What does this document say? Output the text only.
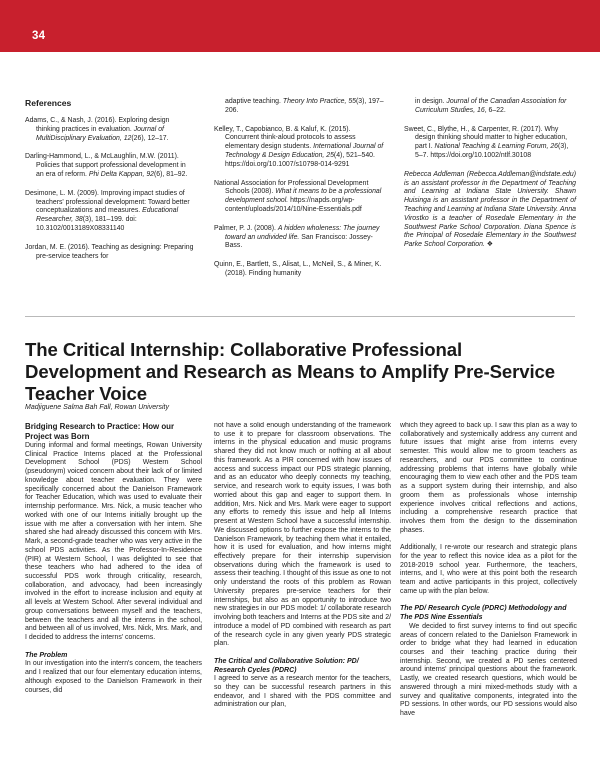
34
References
Adams, C., & Nash, J. (2016). Exploring design thinking practices in evaluation. Journal of MultiDisciplinary Evaluation, 12(26), 12–17.
Darling-Hammond, L., & McLaughlin, M.W. (2011). Policies that support professional development in an era of reform. Phi Delta Kappan, 92(6), 81–92.
Desimone, L. M. (2009). Improving impact studies of teachers' professional development: Toward better conceptualizations and measures. Educational Researcher, 38(3), 181–199. doi: 10.3102/0013189X08331140
Jordan, M. E. (2016). Teaching as designing: Preparing pre-service teachers for
adaptive teaching. Theory Into Practice, 55(3), 197–206.
Kelley, T., Capobianco, B. & Kaluf, K. (2015). Concurrent think-aloud protocols to assess elementary design students. International Journal of Technology & Design Education, 25(4), 521–540. https://doi.org/10.1007/s10798-014-9291
National Association for Professional Development Schools (2008). What it means to be a professional development school. https://napds.org/wp-content/uploads/2014/10/Nine-Essentials.pdf
Palmer, P. J. (2008). A hidden wholeness: The journey toward an undivided life. San Francisco: Jossey-Bass.
Quinn, E., Bartlett, S., Alisat, L., McNeil, S., & Miner, K. (2018). Finding humanity
in design. Journal of the Canadian Association for Curriculum Studies, 16, 6–22.
Sweet, C., Blythe, H., & Carpenter, R. (2017). Why design thinking should matter to higher education, part I. National Teaching & Learning Forum, 26(3), 5–7. https://doi.org/10.1002/ntlf.30108
Rebecca Addleman (Rebecca.Addleman@indstate.edu) is an assistant professor in the Department of Teaching and Learning at Indiana State University. Shawn Huisinga is an assistant professor in the Department of Teaching and Learning at Indiana State University. Anna Virostko is a teacher of Rosedale Elementary in the Southwest Parke School Corporation. Diana Spence is the Principal of Rosedale Elementary in the Southwest Parke School Corporation. ❖
The Critical Internship: Collaborative Professional Development and Research as Means to Amplify Pre-Service Teacher Voice
Madjiguene Salma Bah Fall, Rowan University
Bridging Research to Practice: How our Project was Born
During informal and formal meetings, Rowan University Clinical Practice Interns placed at the Professional Development School (PDS) Western School (pseudonym) voiced concern about their lack of or limited knowledge about teacher evaluation. They were specifically concerned about the Danielson Framework for Teacher Education, which was used to evaluate their internship performance. Mrs. Nick, a music teacher who worked with one of our Interns initially brought up the issue with me after a conversation with her intern. She shared she had already discussed this concern with Mrs. Mark, a second-grade teacher who was very active in the school PDS activities. As the Professor-In-Residence (PIR) at Western School, I was delighted to see that these teachers who had adhered to the idea of successful PDS work through criticality, research, collaboration, and advocacy, had been increasingly involved in the effort to increase inclusion and equity at all levels at Western School. After several individual and group conversations between myself and the teachers, between the teachers and all the interns in the school, and between all of us involved, Mrs. Nick, Mrs. Mark, and I decided to address the interns' concerns.
The Problem
In our investigation into the intern's concern, the teachers and I realized that our four elementary education interns, although exposed to the Danielson Framework in their courses, did
not have a solid enough understanding of the framework to use it to prepare for classroom observations. The interns in the physical education and music programs shared they did not know much or nothing at all about this framework. As a PIR concerned with how issues of access and success impact our PDS strategic planning, and as an educator who deeply connects my teaching, service, and research work to equity issues, I was both worried about this gap and eager to support them. In addition, Mrs. Nick and Mrs. Mark were eager to support any efforts to remedy this issue and help all Interns present at Western School have a successful internship. We discussed options to further expose the interns to the Danielson Framework, by teaching them what it entailed, how it is used for evaluation, and how interns might effectively prepare for their internship supervision observations during which the framework is used to assess their teaching. I thought of this issue as one to not only understand the roots of this problem as Rowan University prepares pre-service teachers for their internships, but also as an opportunity to introduce two new strategies in our PDS model: 1/ collaborate research involving both teachers and Interns at the PDS site and 2/ introduce a model of PD combined with research as part of the research cycle in any given yearly PDS strategic plan.
The Critical and Collaborative Solution: PD/ Research Cycles (PDRC)
I agreed to serve as a research mentor for the teachers, so they can be successful research partners in this endeavor, and I shared with the PDS committee and administration our plan,
which they agreed to back up. I saw this plan as a way to collaboratively and systemically address any current and future issues that might arise from interns every semester. This would allow me to groom teachers as researchers, and our PDS committee to continue addressing problems that interns have globally while encouraging them to view each other and the PDS team as a support system during their internship, and also groom them as professionals whose internship experience involves critical reflections and actions, including a comprehensive research practice that involves them from the design to the dissemination phases.
Additionally, I re-wrote our research and strategic plans for the year to reflect this novice idea as a pilot for the 2018-2019 school year. Furthermore, the teachers, interns, and I, who were at this point both the research team and active participants in this project, collectively came up with the plan below.
The PD/ Research Cycle (PDRC) Methodology and The PDS Nine Essentials
We decided to first survey interns to find out specific areas of concern related to the Danielson Framework in order to bridge what they had learned in education courses and their teaching practice during their internship. Second, we created a PD series centered around interns' principal questions about the framework. Lastly, we created research questions, which would be answered through a mini mixed-methods study with a survey and qualitative components, integrated into the PD sessions. In other words, our PD sessions would also have
